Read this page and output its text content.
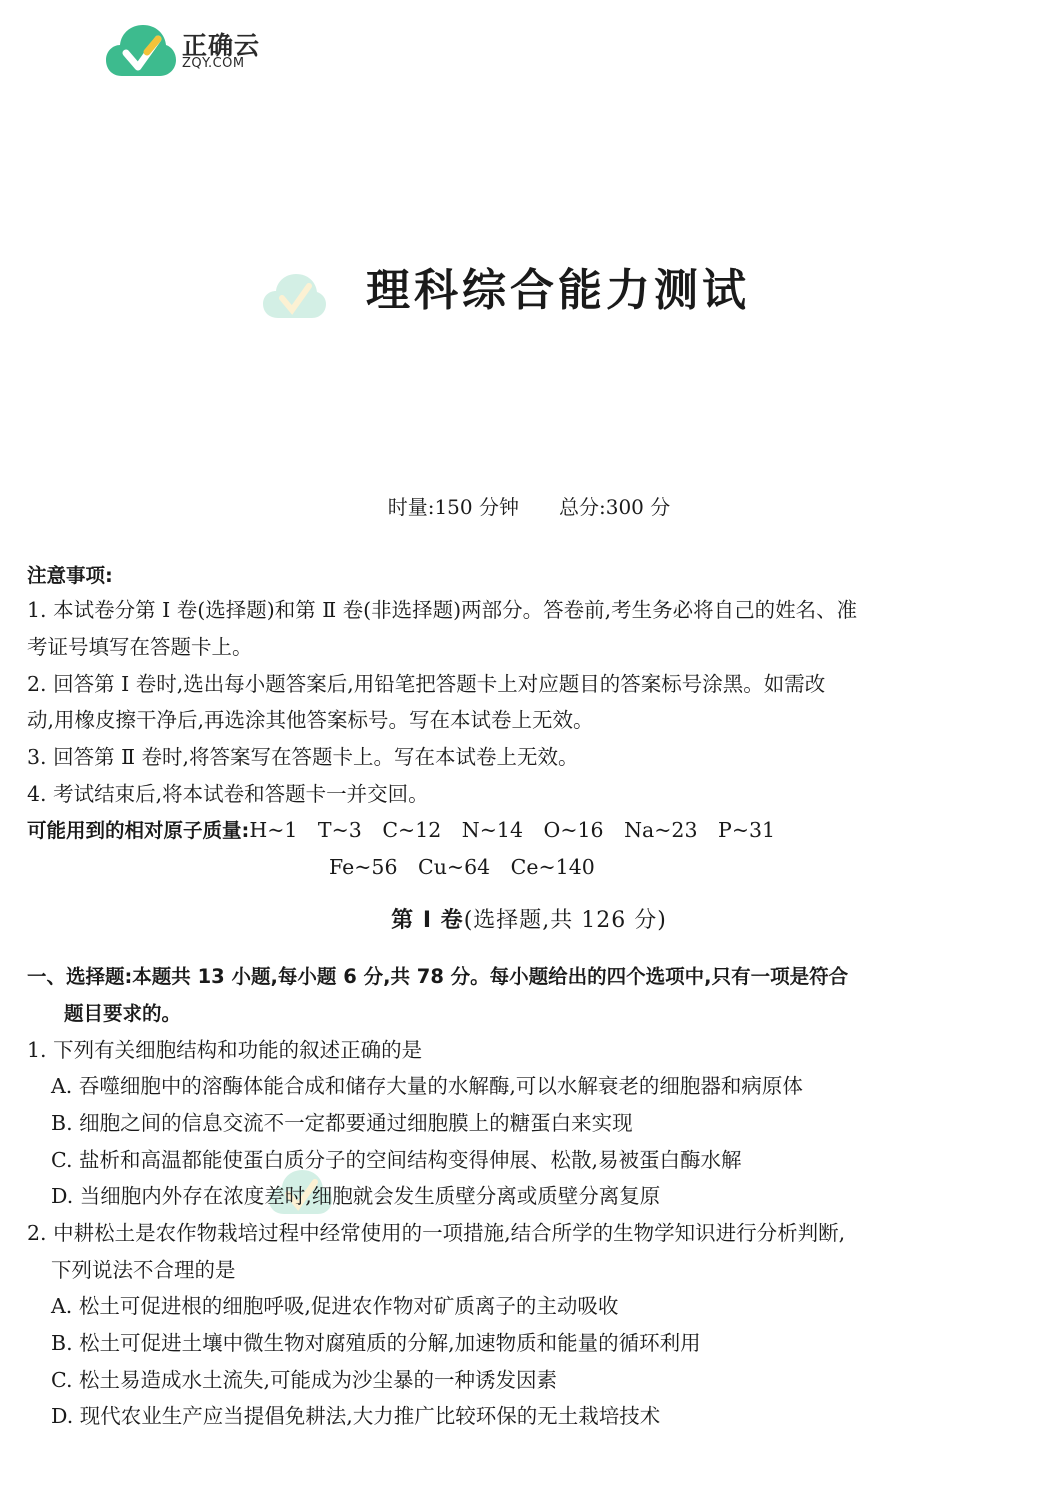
正确云
ZQY.COM
理科综合能力测试
时量:150 分钟 总分:300 分
注意事项:
1. 本试卷分第 Ⅰ 卷(选择题)和第 Ⅱ 卷(非选择题)两部分。答卷前,考生务必将自己的姓名、准
考证号填写在答题卡上。
2. 回答第 Ⅰ 卷时,选出每小题答案后,用铅笔把答题卡上对应题目的答案标号涂黑。如需改
动,用橡皮擦干净后,再选涂其他答案标号。写在本试卷上无效。
3. 回答第 Ⅱ 卷时,将答案写在答题卡上。写在本试卷上无效。
4. 考试结束后,将本试卷和答题卡一并交回。
可能用到的相对原子质量:H~1 T~3 C~12 N~14 O~16 Na~23 P~31
Fe~56 Cu~64 Ce~140
第 Ⅰ 卷(选择题,共 126 分)
一、选择题:本题共 13 小题,每小题 6 分,共 78 分。每小题给出的四个选项中,只有一项是符合
题目要求的。
1. 下列有关细胞结构和功能的叙述正确的是
A. 吞噬细胞中的溶酶体能合成和储存大量的水解酶,可以水解衰老的细胞器和病原体
B. 细胞之间的信息交流不一定都要通过细胞膜上的糖蛋白来实现
C. 盐析和高温都能使蛋白质分子的空间结构变得伸展、松散,易被蛋白酶水解
D. 当细胞内外存在浓度差时,细胞就会发生质壁分离或质壁分离复原
2. 中耕松土是农作物栽培过程中经常使用的一项措施,结合所学的生物学知识进行分析判断,
下列说法不合理的是
A. 松土可促进根的细胞呼吸,促进农作物对矿质离子的主动吸收
B. 松土可促进土壤中微生物对腐殖质的分解,加速物质和能量的循环利用
C. 松土易造成水土流失,可能成为沙尘暴的一种诱发因素
D. 现代农业生产应当提倡免耕法,大力推广比较环保的无土栽培技术
